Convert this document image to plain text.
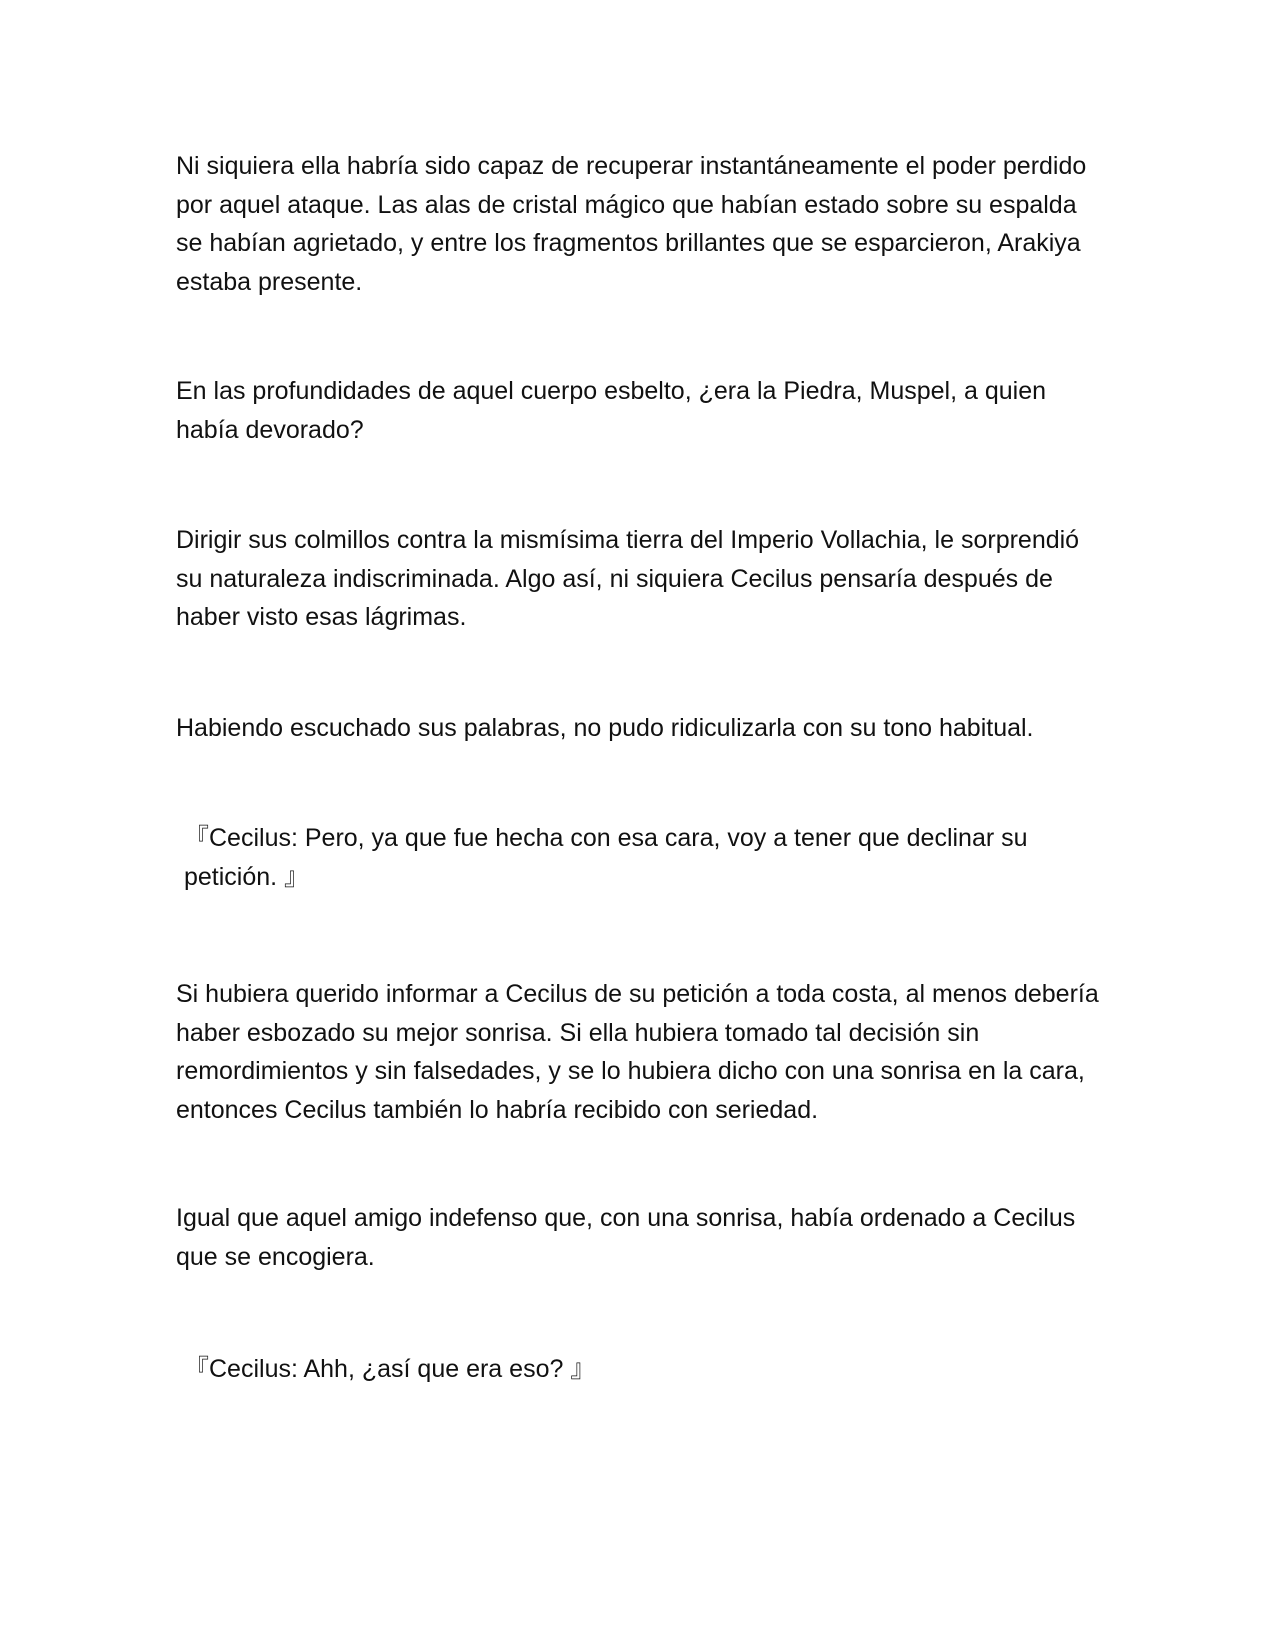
Ni siquiera ella habría sido capaz de recuperar instantáneamente el poder perdido por aquel ataque. Las alas de cristal mágico que habían estado sobre su espalda se habían agrietado, y entre los fragmentos brillantes que se esparcieron, Arakiya estaba presente.

En las profundidades de aquel cuerpo esbelto, ¿era la Piedra, Muspel, a quien había devorado?

Dirigir sus colmillos contra la mismísima tierra del Imperio Vollachia, le sorprendió su naturaleza indiscriminada. Algo así, ni siquiera Cecilus pensaría después de haber visto esas lágrimas.

Habiendo escuchado sus palabras, no pudo ridiculizarla con su tono habitual.

『Cecilus: Pero, ya que fue hecha con esa cara, voy a tener que declinar su petición. 』

Si hubiera querido informar a Cecilus de su petición a toda costa, al menos debería haber esbozado su mejor sonrisa. Si ella hubiera tomado tal decisión sin remordimientos y sin falsedades, y se lo hubiera dicho con una sonrisa en la cara, entonces Cecilus también lo habría recibido con seriedad.

Igual que aquel amigo indefenso que, con una sonrisa, había ordenado a Cecilus que se encogiera.

『Cecilus: Ahh, ¿así que era eso? 』
